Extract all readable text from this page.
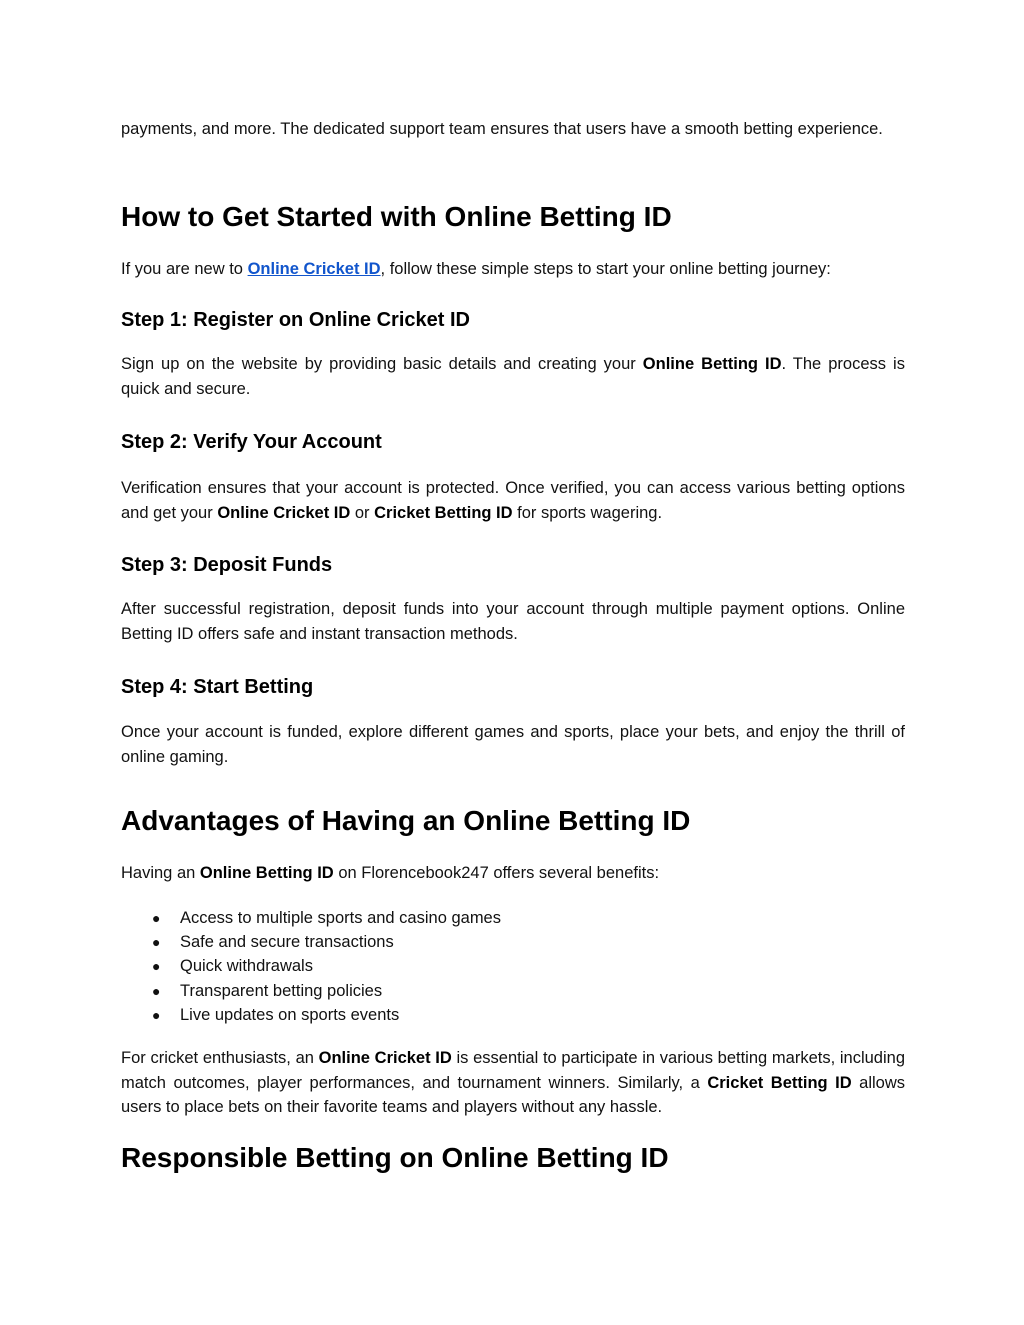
payments, and more. The dedicated support team ensures that users have a smooth betting experience.

How to Get Started with Online Betting ID

If you are new to Online Cricket ID, follow these simple steps to start your online betting journey:

Step 1: Register on Online Cricket ID

Sign up on the website by providing basic details and creating your Online Betting ID. The process is quick and secure.

Step 2: Verify Your Account

Verification ensures that your account is protected. Once verified, you can access various betting options and get your Online Cricket ID or Cricket Betting ID for sports wagering.

Step 3: Deposit Funds

After successful registration, deposit funds into your account through multiple payment options. Online Betting ID offers safe and instant transaction methods.

Step 4: Start Betting

Once your account is funded, explore different games and sports, place your bets, and enjoy the thrill of online gaming.

Advantages of Having an Online Betting ID

Having an Online Betting ID on Florencebook247 offers several benefits:

● Access to multiple sports and casino games
● Safe and secure transactions
● Quick withdrawals
● Transparent betting policies
● Live updates on sports events

For cricket enthusiasts, an Online Cricket ID is essential to participate in various betting markets, including match outcomes, player performances, and tournament winners. Similarly, a Cricket Betting ID allows users to place bets on their favorite teams and players without any hassle.

Responsible Betting on Online Betting ID
